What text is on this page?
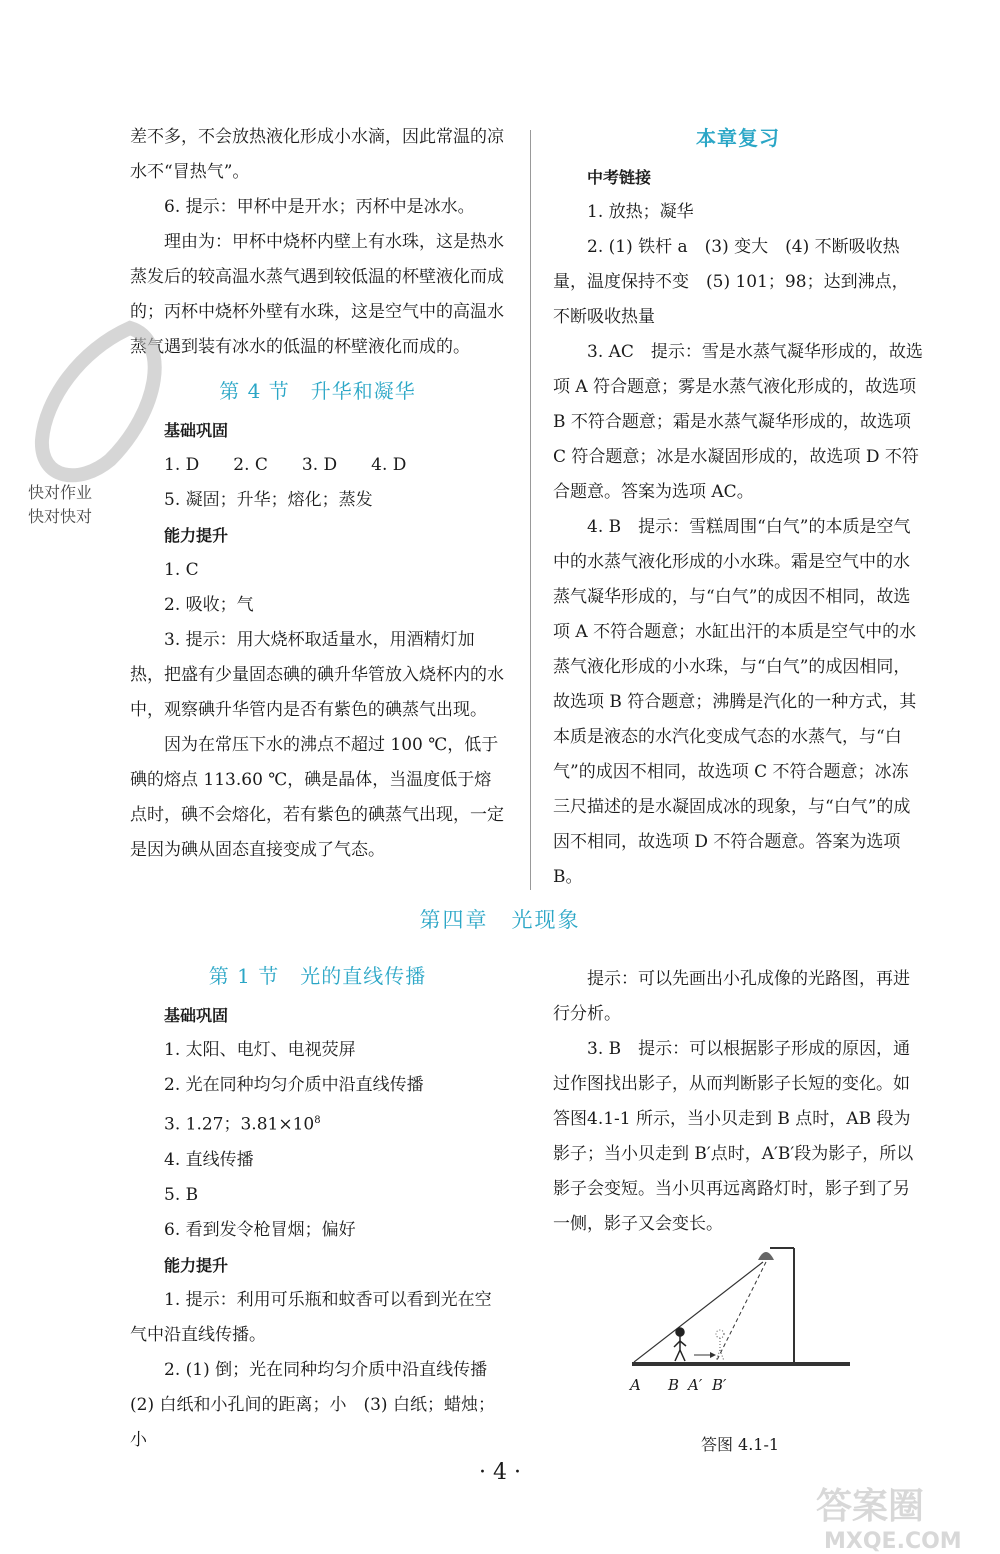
差不多，不会放热液化形成小水滴，因此常温的凉水不“冒热气”。

6. 提示：甲杯中是开水；丙杯中是冰水。

理由为：甲杯中烧杯内壁上有水珠，这是热水蒸发后的较高温水蒸气遇到较低温的杯壁液化而成的；丙杯中烧杯外壁有水珠，这是空气中的高温水蒸气遇到装有冰水的低温的杯壁液化而成的。

第 4 节　升华和凝华

基础巩固

1. D　　2. C　　3. D　　4. D

5. 凝固；升华；熔化；蒸发

能力提升

1. C

2. 吸收；气

3. 提示：用大烧杯取适量水，用酒精灯加热，把盛有少量固态碘的碘升华管放入烧杯内的水中，观察碘升华管内是否有紫色的碘蒸气出现。

因为在常压下水的沸点不超过 100 ℃，低于碘的熔点 113.60 ℃，碘是晶体，当温度低于熔点时，碘不会熔化，若有紫色的碘蒸气出现，一定是因为碘从固态直接变成了气态。

本章复习

中考链接

1. 放热；凝华

2. (1) 铁杆 a　(3) 变大　(4) 不断吸收热量，温度保持不变　(5) 101；98；达到沸点，不断吸收热量

3. AC　提示：雪是水蒸气凝华形成的，故选项 A 符合题意；雾是水蒸气液化形成的，故选项 B 不符合题意；霜是水蒸气凝华形成的，故选项 C 符合题意；冰是水凝固形成的，故选项 D 不符合题意。答案为选项 AC。

4. B　提示：雪糕周围“白气”的本质是空气中的水蒸气液化形成的小水珠。霜是空气中的水蒸气凝华形成的，与“白气”的成因不相同，故选项 A 不符合题意；水缸出汗的本质是空气中的水蒸气液化形成的小水珠，与“白气”的成因相同，故选项 B 符合题意；沸腾是汽化的一种方式，其本质是液态的水汽化变成气态的水蒸气，与“白气”的成因不相同，故选项 C 不符合题意；冰冻三尺描述的是水凝固成冰的现象，与“白气”的成因不相同，故选项 D 不符合题意。答案为选项 B。

第四章　光现象

第 1 节　光的直线传播

基础巩固

1. 太阳、电灯、电视荧屏

2. 光在同种均匀介质中沿直线传播

3. 1.27；$3.81\times 10^8$

4. 直线传播

5. B

6. 看到发令枪冒烟；偏好

能力提升

1. 提示：利用可乐瓶和蚊香可以看到光在空气中沿直线传播。

2. (1) 倒；光在同种均匀介质中沿直线传播　(2) 白纸和小孔间的距离；小　(3) 白纸；蜡烛；小

提示：可以先画出小孔成像的光路图，再进行分析。

3. B　提示：可以根据影子形成的原因，通过作图找出影子，从而判断影子长短的变化。如答图4.1-1 所示，当小贝走到 B 点时，AB 段为影子；当小贝走到 B′点时，A′B′段为影子，所以影子会变短。当小贝再远离路灯时，影子到了另一侧，影子又会变长。

A B A′ B′
答图 4.1-1
快对作业
快对快对
· 4 ·
答案圈
MXQE.COM
